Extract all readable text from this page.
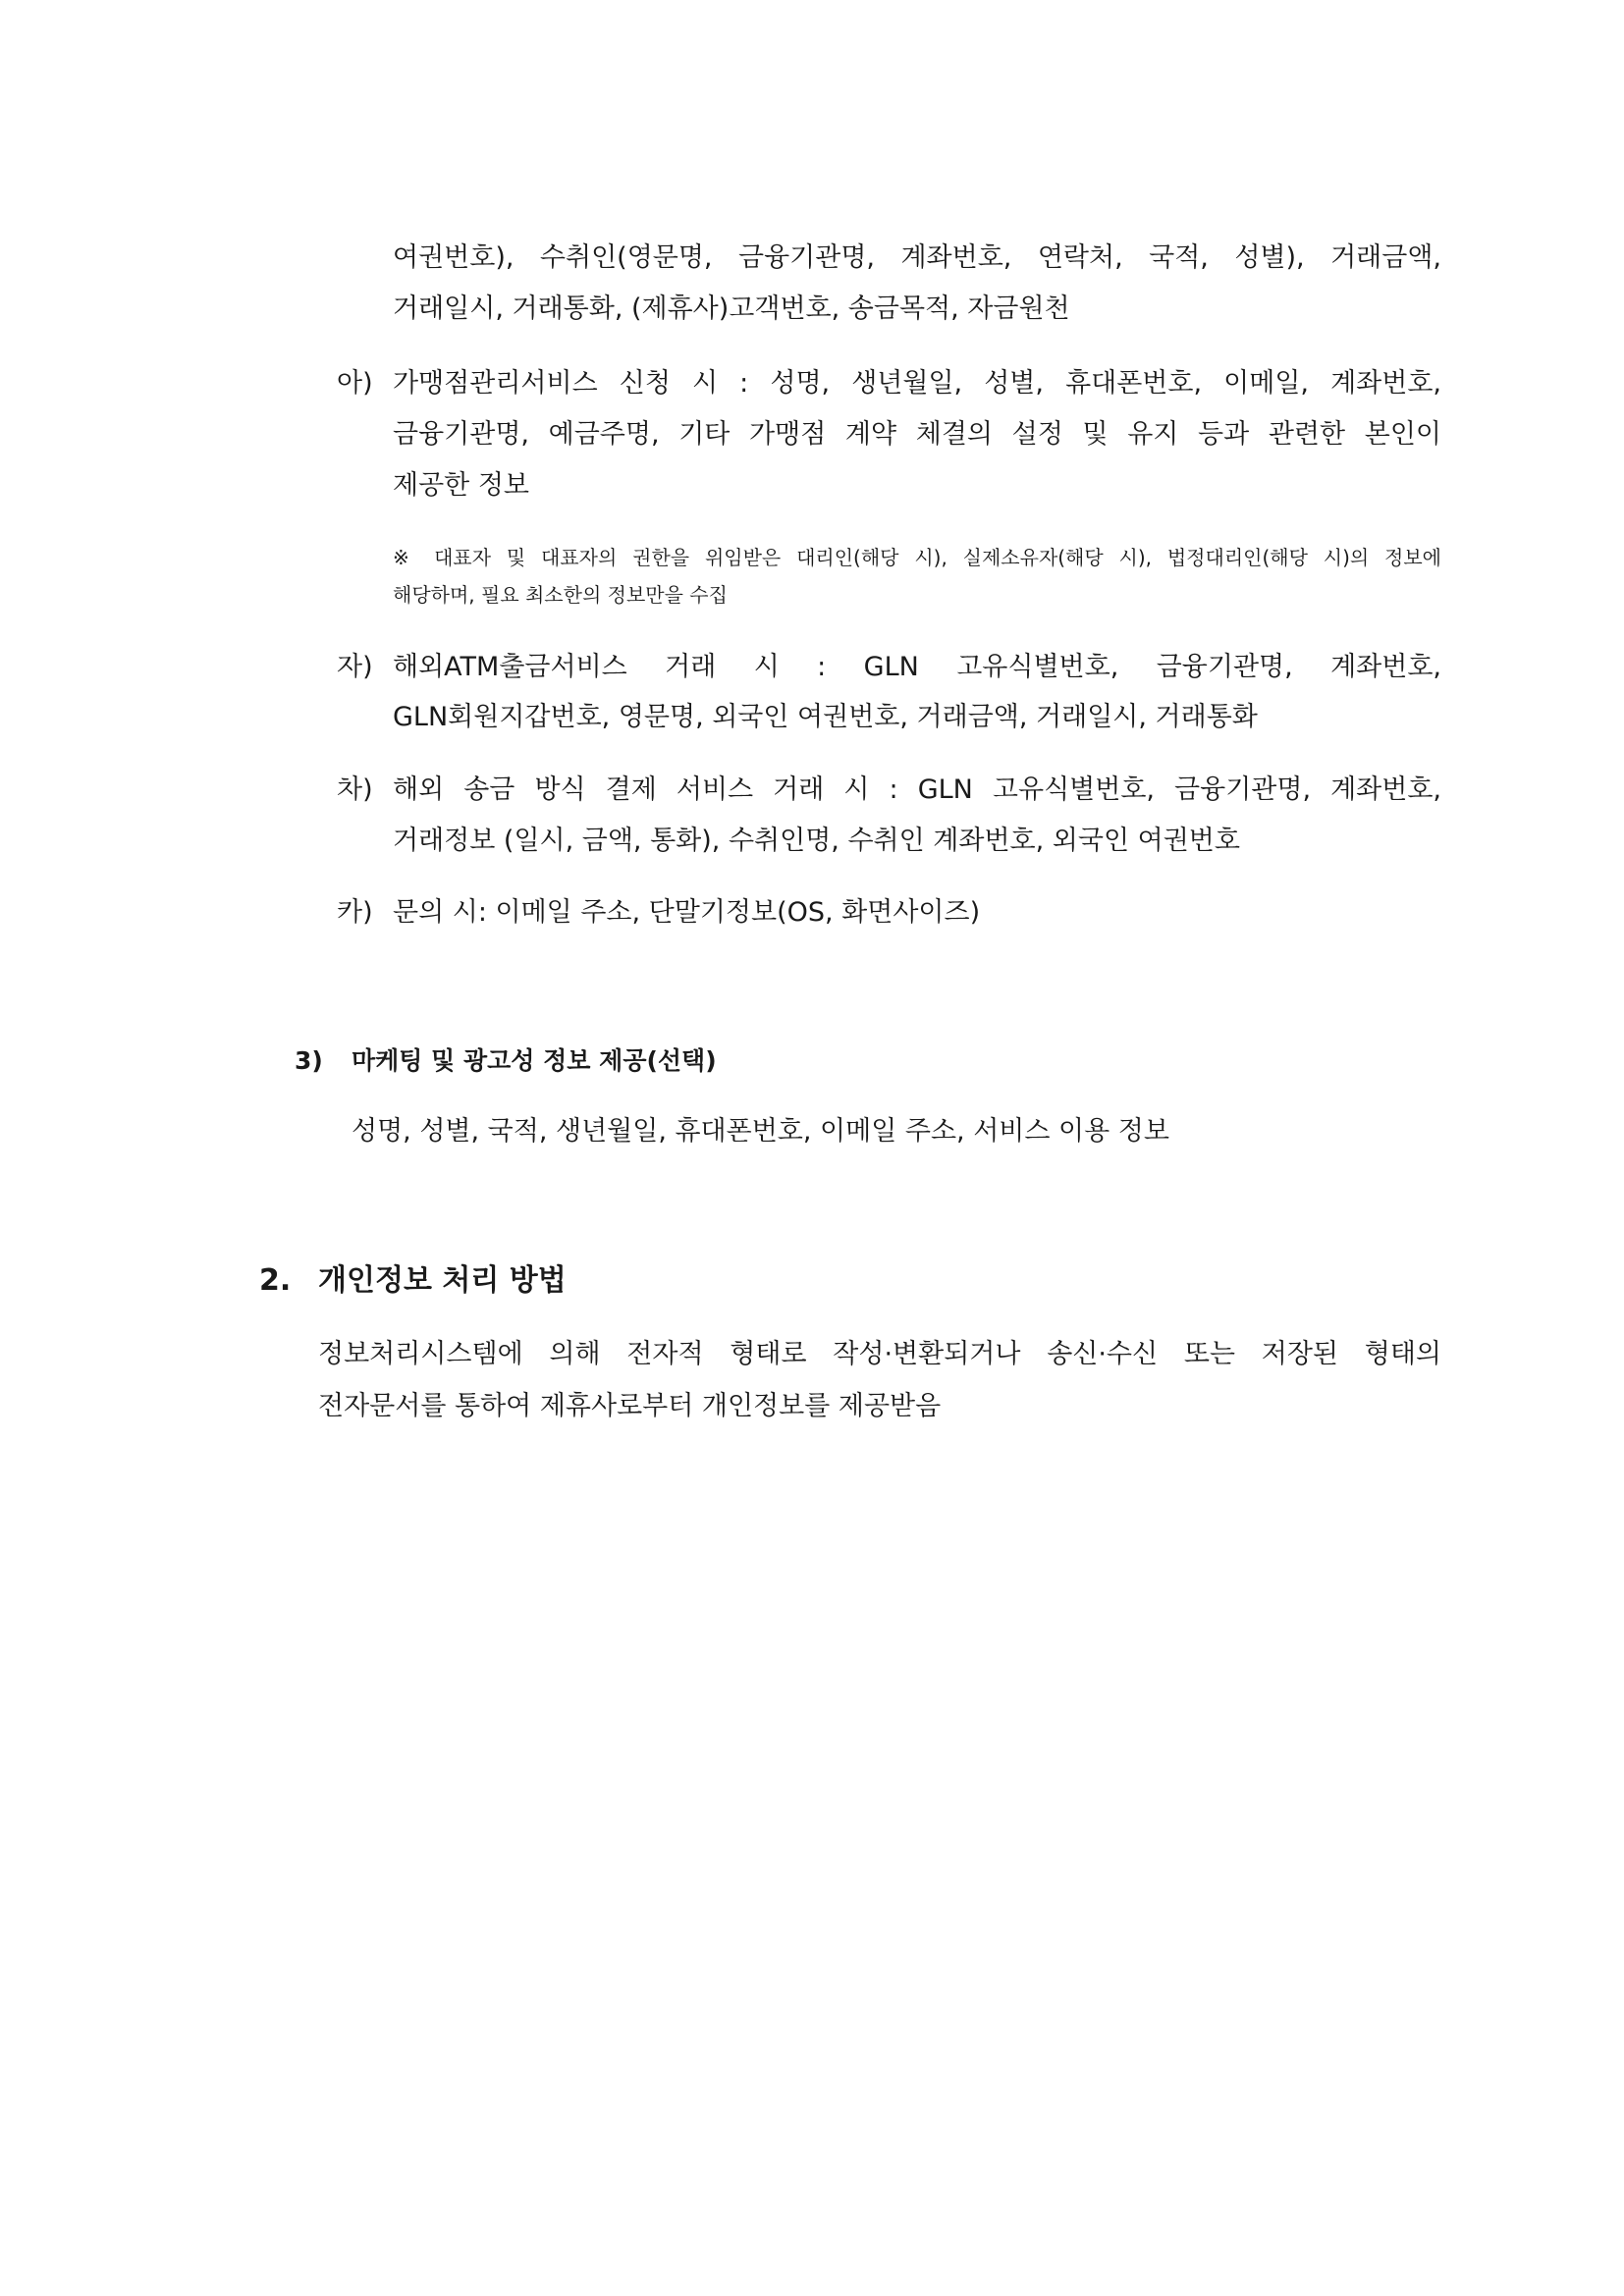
여권번호), 수취인(영문명, 금융기관명, 계좌번호, 연락처, 국적, 성별), 거래금액,
거래일시, 거래통화, (제휴사)고객번호, 송금목적, 자금원천
아) 가맹점관리서비스 신청 시 : 성명, 생년월일, 성별, 휴대폰번호, 이메일, 계좌번호,
금융기관명, 예금주명, 기타 가맹점 계약 체결의 설정 및 유지 등과 관련한 본인이
제공한 정보
※ 대표자 및 대표자의 권한을 위임받은 대리인(해당 시), 실제소유자(해당 시), 법정대리인(해당 시)의 정보에
해당하며, 필요 최소한의 정보만을 수집
자) 해외ATM출금서비스 거래 시 : GLN 고유식별번호, 금융기관명, 계좌번호,
GLN회원지갑번호, 영문명, 외국인 여권번호, 거래금액, 거래일시, 거래통화
차) 해외 송금 방식 결제 서비스 거래 시 : GLN 고유식별번호, 금융기관명, 계좌번호,
거래정보 (일시, 금액, 통화), 수취인명, 수취인 계좌번호, 외국인 여권번호
카) 문의 시: 이메일 주소, 단말기정보(OS, 화면사이즈)
3) 마케팅 및 광고성 정보 제공(선택)
성명, 성별, 국적, 생년월일, 휴대폰번호, 이메일 주소, 서비스 이용 정보
2. 개인정보 처리 방법
정보처리시스템에 의해 전자적 형태로 작성·변환되거나 송신·수신 또는 저장된 형태의
전자문서를 통하여 제휴사로부터 개인정보를 제공받음
